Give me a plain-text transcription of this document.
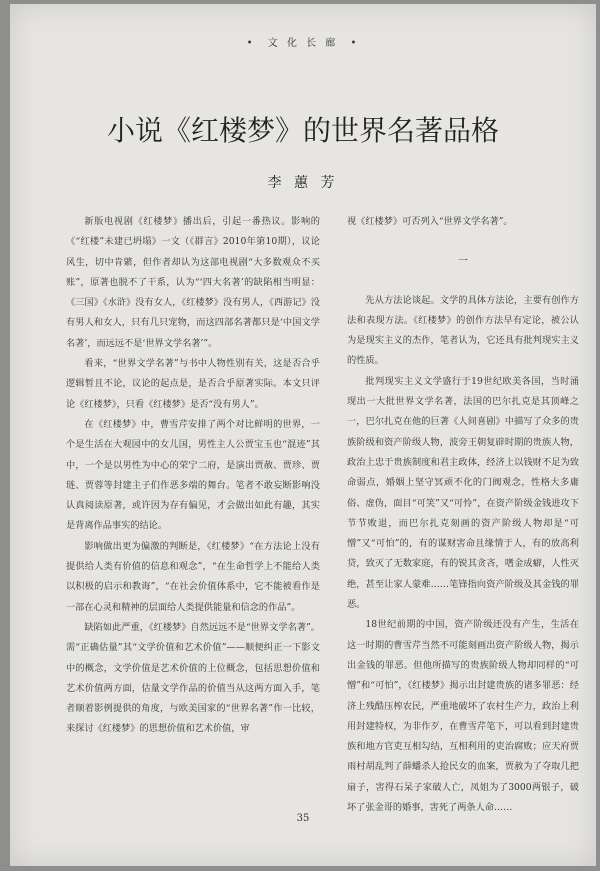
• 文 化 长 廊 •
小说《红楼梦》的世界名著品格
李 蕙 芳

新版电视剧《红楼梦》播出后，引起一番热议。影响的《“红楼”未建已坍塌》一文（《群言》2010年第10期），议论风生，切中肯綮，但作者却认为这部电视剧“大多数观众不买账”，原著也脱不了干系，认为“‘四大名著’的缺陷相当明显：《三国》《水浒》没有女人，《红楼梦》没有男人，《西游记》没有男人和女人，只有几只宠物，而这四部名著都只是‘中国文学名著’，而远远不是‘世界文学名著’”。

看来，“世界文学名著”与书中人物性别有关，这是否合乎逻辑暂且不论，议论的起点是，是否合乎原著实际。本文只评论《红楼梦》，只看《红楼梦》是否“没有男人”。

在《红楼梦》中，曹雪芹安排了两个对比鲜明的世界，一个是生活在大观园中的女儿国，男性主人公贾宝玉也“混迹”其中，一个是以男性为中心的荣宁二府，是演出贾赦、贾珍、贾琏、贾蓉等封建主子们作恶多端的舞台。笔者不敢妄断影响没认真阅读原著，或许因为存有偏见，才会做出如此有趣，其实是背离作品事实的结论。

影响做出更为偏激的判断是，《红楼梦》“在方法论上没有提供给人类有价值的信息和观念”，“在生命哲学上不能给人类以积极的启示和教诲”，“在社会价值体系中，它不能被看作是一部在心灵和精神的层面给人类提供能量和信念的作品”。

缺陷如此严重，《红楼梦》自然远远不是“世界文学名著”。需“正确估量”其“文学价值和艺术价值”——顺便纠正一下影文中的概念，文学价值是艺术价值的上位概念，包括思想价值和艺术价值两方面，估量文学作品的价值当从这两方面入手，笔者顺着影例提供的角度，与欧美国家的“世界名著”作一比较，来探讨《红楼梦》的思想价值和艺术价值，审

视《红楼梦》可否列入“世界文学名著”。

一

先从方法论谈起。文学的具体方法论，主要有创作方法和表现方法。《红楼梦》的创作方法早有定论，被公认为是现实主义的杰作，笔者认为，它还具有批判现实主义的性质。

批判现实主义文学盛行于19世纪欧美各国，当时涌现出一大批世界文学名著，法国的巴尔扎克是其顶峰之一，巴尔扎克在他的巨著《人间喜剧》中描写了众多的贵族阶级和资产阶级人物，波旁王朝复辟时期的贵族人物，政治上忠于贵族制度和君主政体，经济上以钱财不足为致命弱点，婚姻上坚守冥顽不化的门阀观念，性格大多庸俗、虚伪，面目“可笑”又“可怜”，在资产阶级金钱进攻下节节败退，而巴尔扎克刻画的资产阶级人物却是“可憎”又“可怕”的，有的谋财害命且缘情于人，有的放高利贷，致灭了无数家庭，有的锐其贪吝，嗜金成癖，人性灭绝，甚至让家人蒙难……笔锋指向资产阶级及其金钱的罪恶。

18世纪前期的中国，资产阶级还没有产生，生活在这一时期的曹雪芹当然不可能刻画出资产阶级人物，揭示出金钱的罪恶。但他所描写的贵族阶级人物却同样的“可憎”和“可怕”，《红楼梦》揭示出封建贵族的诸多罪恶：经济上残酷压榨农民，严重地破坏了农村生产力，政治上利用封建特权，为非作歹，在曹雪芹笔下，可以看到封建贵族和地方官吏互相勾结，互相利用的吏治腐败；应天府贾雨村胡乱判了薛蟠杀人抢民女的血案，贾赦为了夺取几把扇子，害得石呆子家破人亡，凤姐为了3000两银子，破坏了张金哥的婚事，害死了两条人命……

35
